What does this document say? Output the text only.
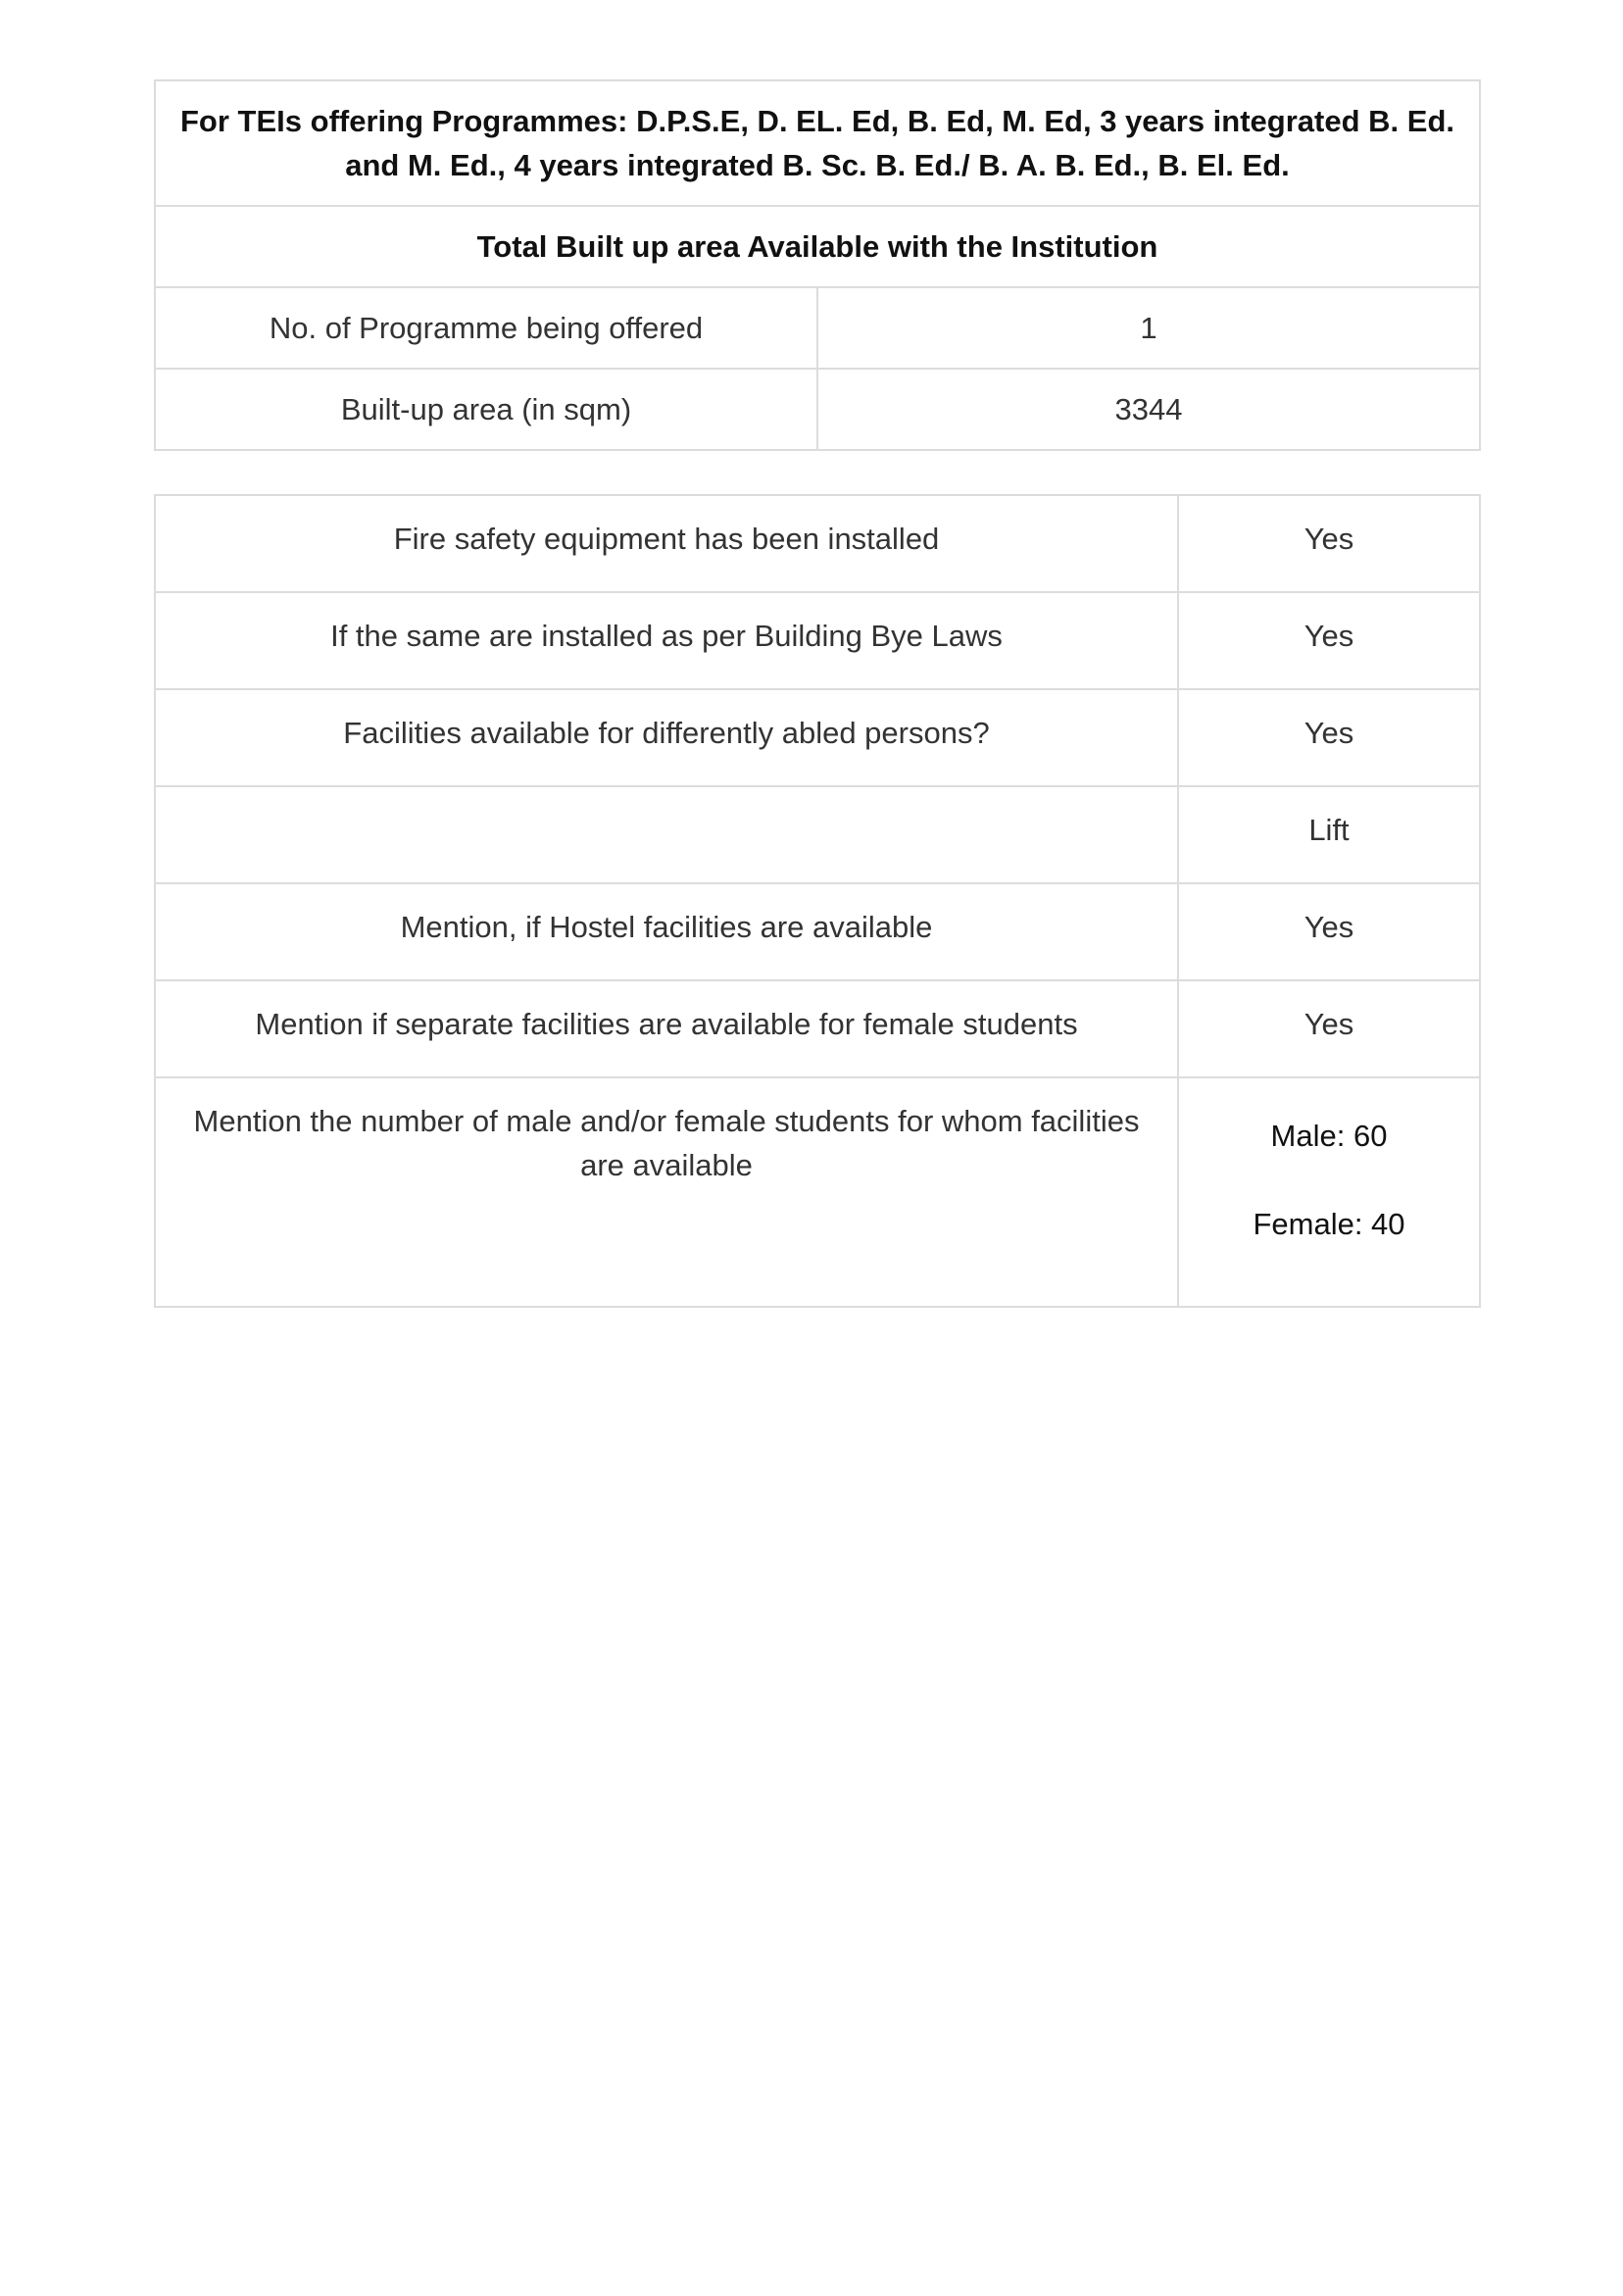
For TEIs offering Programmes: D.P.S.E, D. EL. Ed, B. Ed, M. Ed, 3 years integrated B. Ed. and M. Ed., 4 years integrated B. Sc. B. Ed./ B. A. B. Ed., B. El. Ed.	
Total Built up area Available with the Institution	
No. of Programme being offered	1
Built-up area (in sqm)	3344
Fire safety equipment has been installed	Yes
If the same are installed as per Building Bye Laws	Yes
Facilities available for differently abled persons?	Yes
	Lift
Mention, if Hostel facilities are available	Yes
Mention if separate facilities are available for female students	Yes
Mention the number of male and/or female students for whom facilities are available	Male: 60
Female: 40
